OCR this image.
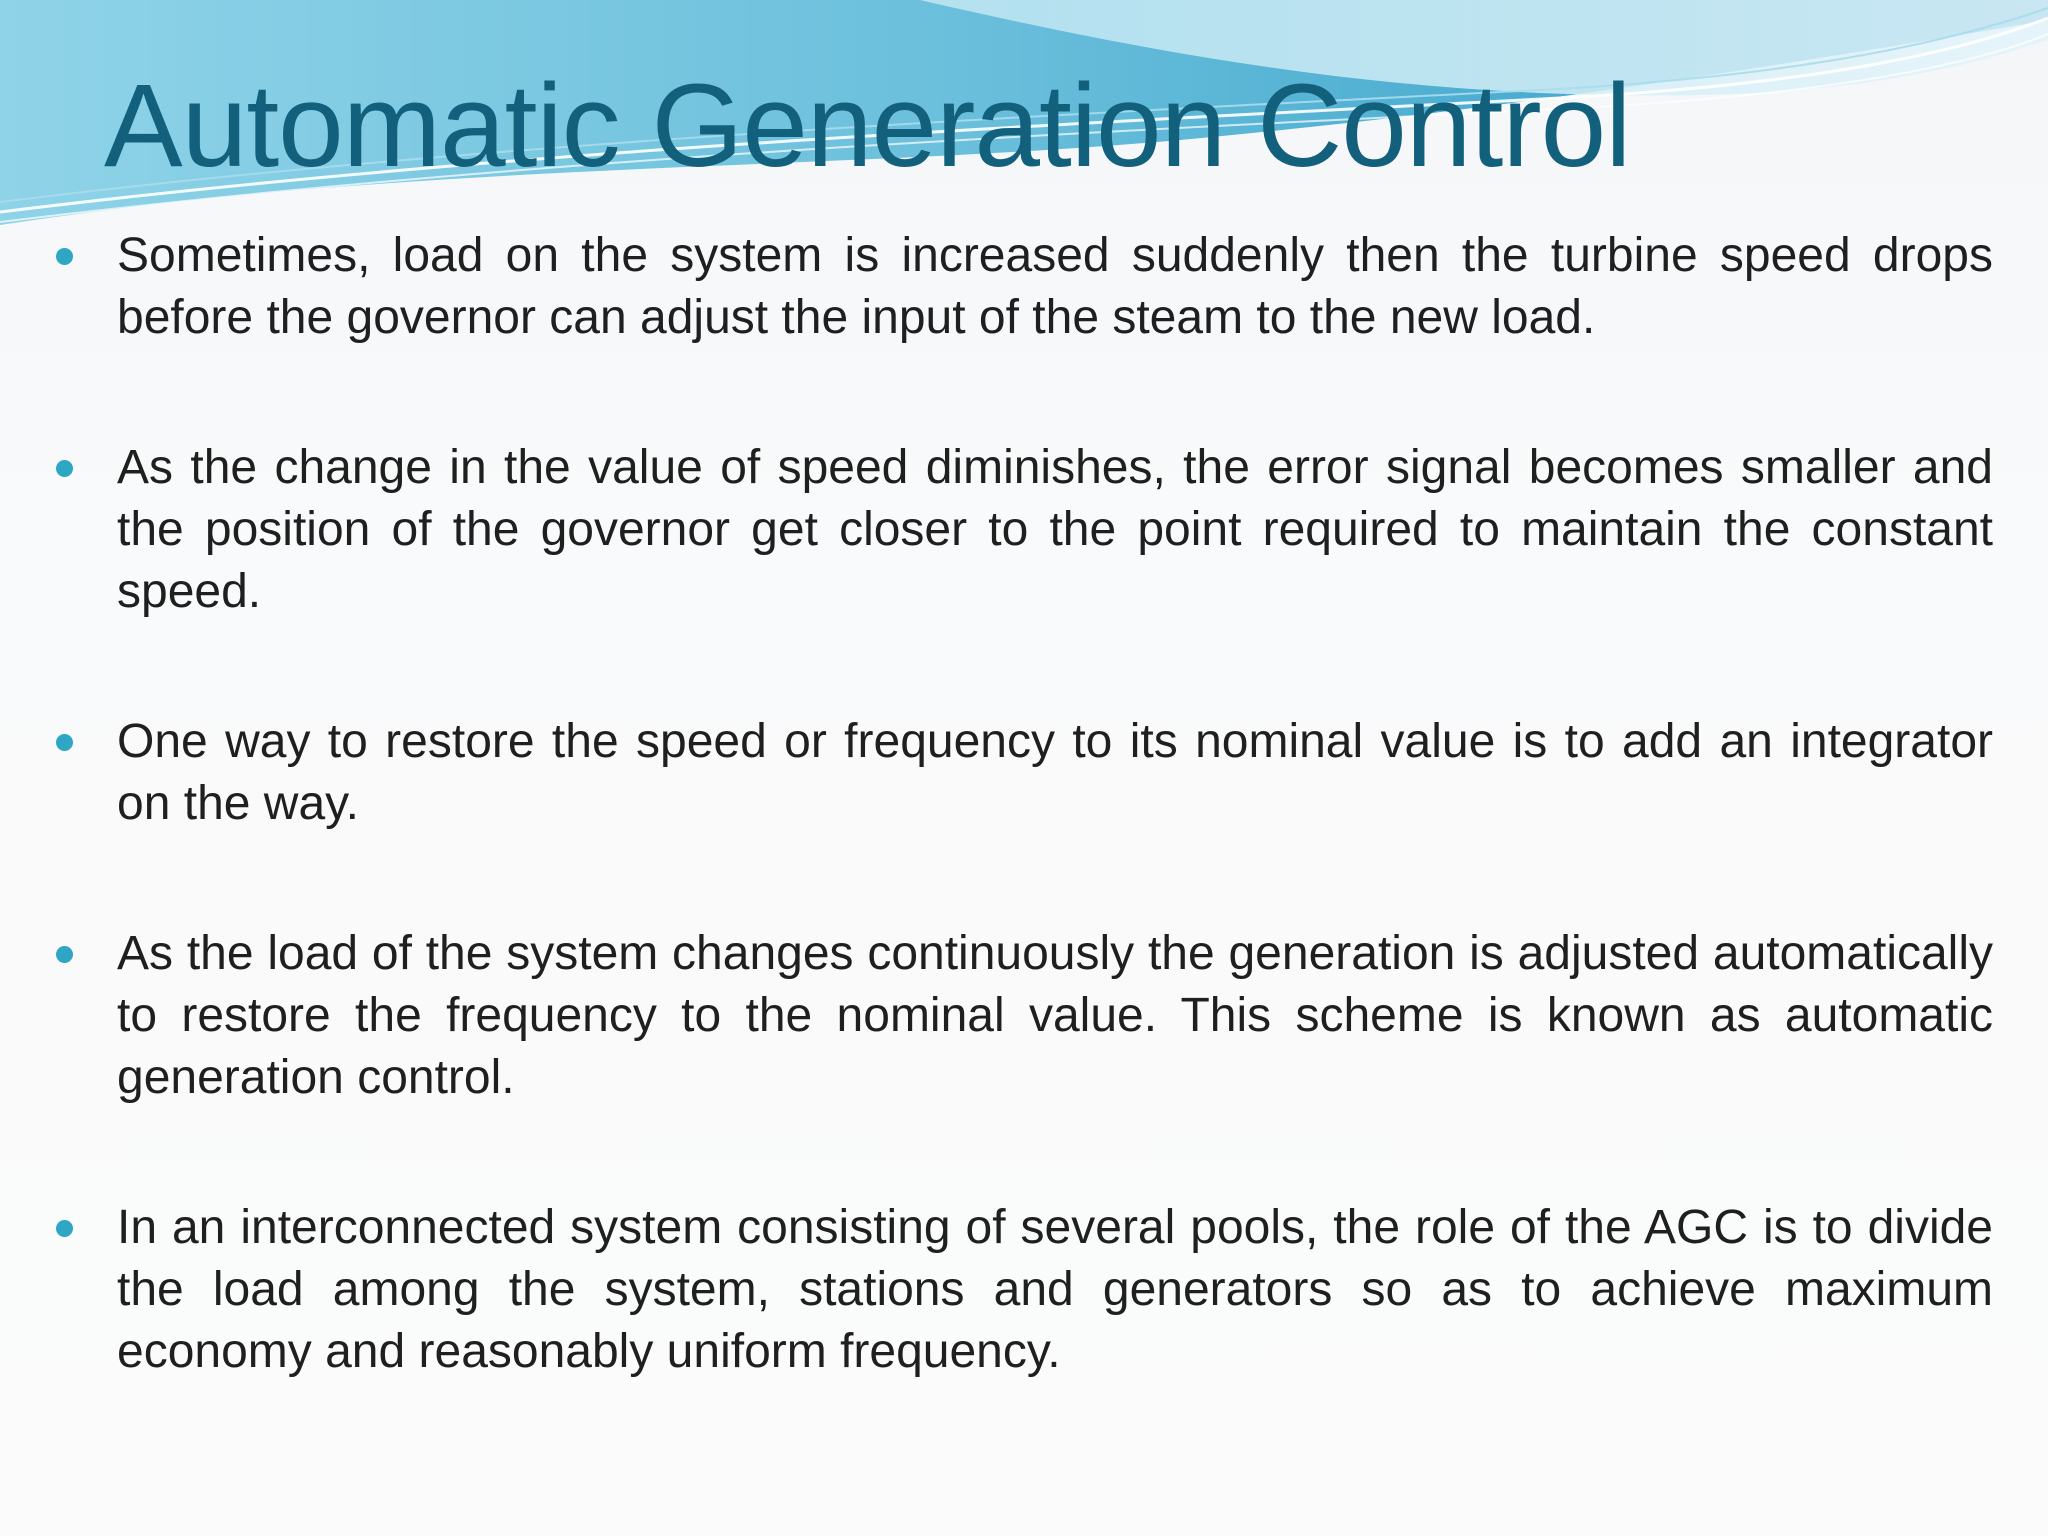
Automatic Generation Control
Sometimes, load on the system is increased suddenly then the turbine speed drops before the governor can adjust the input of the steam to the new load.
As the change in the value of speed diminishes, the error signal becomes smaller and the position of the governor get closer to the point required to maintain the constant speed.
One way to restore the speed or frequency to its nominal value is to add an integrator on the way.
As the load of the system changes continuously the generation is adjusted automatically to restore the frequency to the nominal value. This scheme is known as automatic generation control.
In an interconnected system consisting of several pools, the role of the AGC is to divide the load among the system, stations and generators so as to achieve maximum economy and reasonably uniform frequency.
